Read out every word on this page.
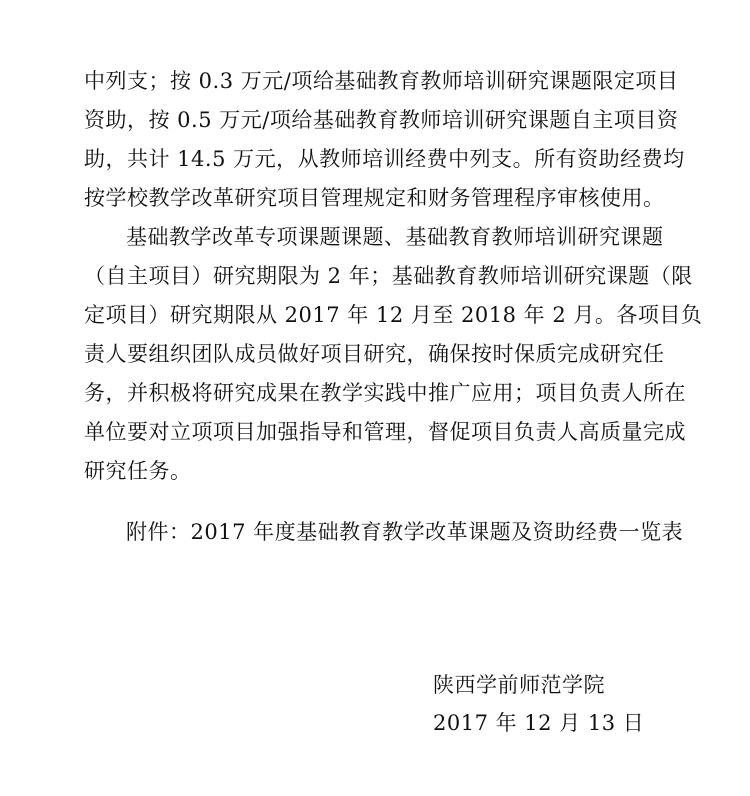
中列支；按 0.3 万元/项给基础教育教师培训研究课题限定项目
资助，按 0.5 万元/项给基础教育教师培训研究课题自主项目资
助，共计 14.5 万元，从教师培训经费中列支。所有资助经费均
按学校教学改革研究项目管理规定和财务管理程序审核使用。
基础教学改革专项课题课题、基础教育教师培训研究课题
（自主项目）研究期限为 2 年；基础教育教师培训研究课题（限
定项目）研究期限从 2017 年 12 月至 2018 年 2 月。各项目负
责人要组织团队成员做好项目研究，确保按时保质完成研究任
务，并积极将研究成果在教学实践中推广应用；项目负责人所在
单位要对立项项目加强指导和管理，督促项目负责人高质量完成
研究任务。
附件：2017 年度基础教育教学改革课题及资助经费一览表
陕西学前师范学院
2017 年 12 月 13 日
